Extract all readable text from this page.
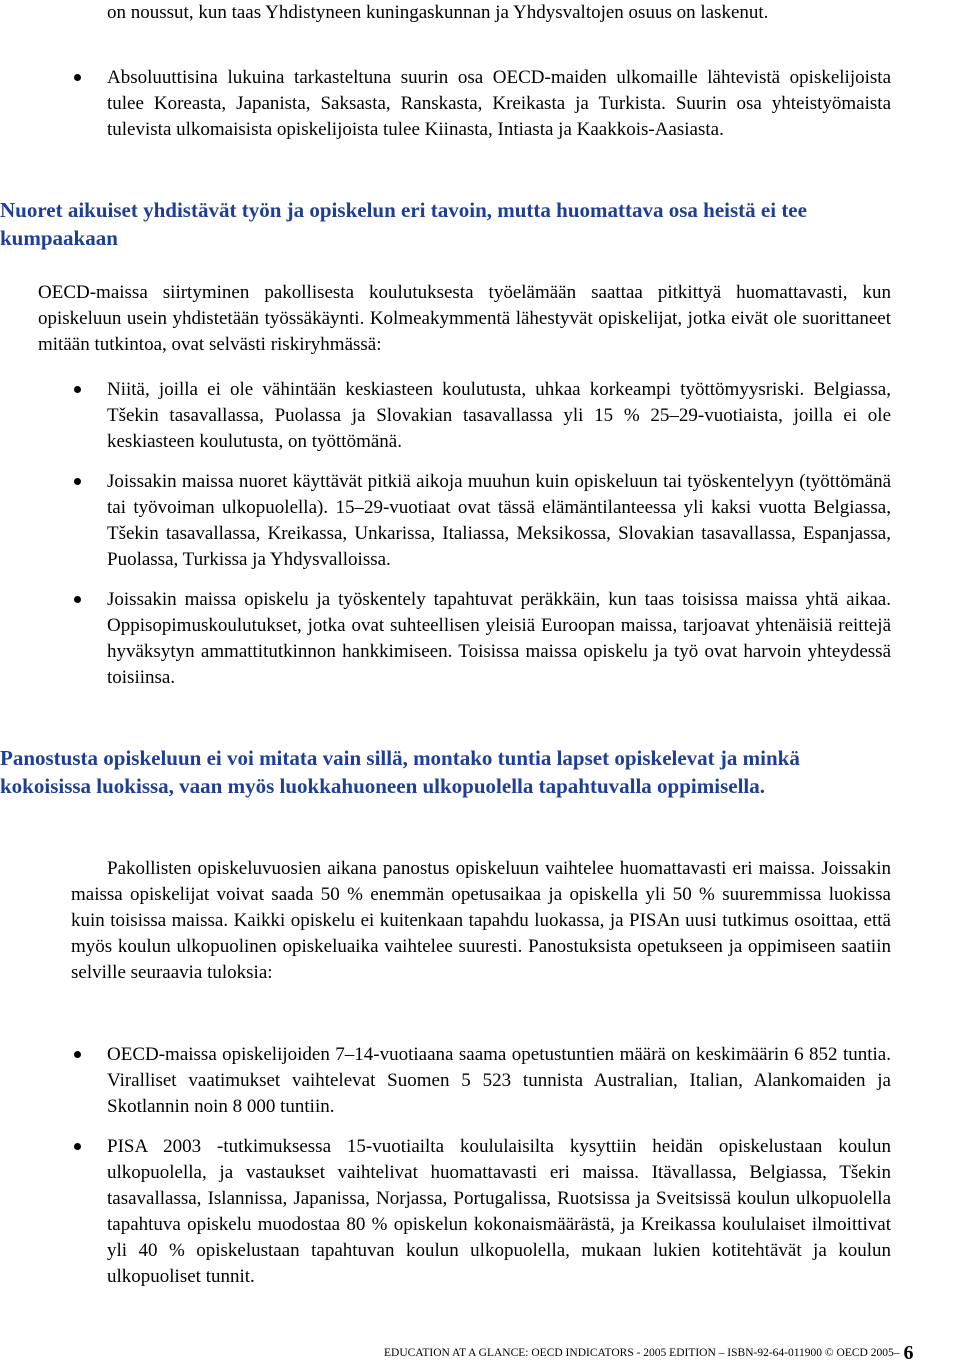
on noussut, kun taas Yhdistyneen kuningaskunnan ja Yhdysvaltojen osuus on laskenut.
Absoluuttisina lukuina tarkasteltuna suurin osa OECD-maiden ulkomaille lähtevistä opiskelijoista tulee Koreasta, Japanista, Saksasta, Ranskasta, Kreikasta ja Turkista. Suurin osa yhteistyömaista tulevista ulkomaisista opiskelijoista tulee Kiinasta, Intiasta ja Kaakkois-Aasiasta.
Nuoret aikuiset yhdistävät työn ja opiskelun eri tavoin, mutta huomattava osa heistä ei tee kumpaakaan
OECD-maissa siirtyminen pakollisesta koulutuksesta työelämään saattaa pitkittyä huomattavasti, kun opiskeluun usein yhdistetään työssäkäynti. Kolmeakymmentä lähestyvät opiskelijat, jotka eivät ole suorittaneet mitään tutkintoa, ovat selvästi riskiryhmässä:
Niitä, joilla ei ole vähintään keskiasteen koulutusta, uhkaa korkeampi työttömyysriski. Belgiassa, Tšekin tasavallassa, Puolassa ja Slovakian tasavallassa yli 15 % 25–29-vuotiaista, joilla ei ole keskiasteen koulutusta, on työttömänä.
Joissakin maissa nuoret käyttävät pitkiä aikoja muuhun kuin opiskeluun tai työskentelyyn (työttömänä tai työvoiman ulkopuolella). 15–29-vuotiaat ovat tässä elämäntilanteessa yli kaksi vuotta Belgiassa, Tšekin tasavallassa, Kreikassa, Unkarissa, Italiassa, Meksikossa, Slovakian tasavallassa, Espanjassa, Puolassa, Turkissa ja Yhdysvalloissa.
Joissakin maissa opiskelu ja työskentely tapahtuvat peräkkäin, kun taas toisissa maissa yhtä aikaa. Oppisopimuskoulutukset, jotka ovat suhteellisen yleisiä Euroopan maissa, tarjoavat yhtenäisiä reittejä hyväksytyn ammattitutkinnon hankkimiseen. Toisissa maissa opiskelu ja työ ovat harvoin yhteydessä toisiinsa.
Panostusta opiskeluun ei voi mitata vain sillä, montako tuntia lapset opiskelevat ja minkä kokoisissa luokissa, vaan myös luokkahuoneen ulkopuolella tapahtuvalla oppimisella.
Pakollisten opiskeluvuosien aikana panostus opiskeluun vaihtelee huomattavasti eri maissa. Joissakin maissa opiskelijat voivat saada 50 % enemmän opetusaikaa ja opiskella yli 50 % suuremmissa luokissa kuin toisissa maissa. Kaikki opiskelu ei kuitenkaan tapahdu luokassa, ja PISAn uusi tutkimus osoittaa, että myös koulun ulkopuolinen opiskeluaika vaihtelee suuresti. Panostuksista opetukseen ja oppimiseen saatiin selville seuraavia tuloksia:
OECD-maissa opiskelijoiden 7–14-vuotiaana saama opetustuntien määrä on keskimäärin 6 852 tuntia. Viralliset vaatimukset vaihtelevat Suomen 5 523 tunnista Australian, Italian, Alankomaiden ja Skotlannin noin 8 000 tuntiin.
PISA 2003 -tutkimuksessa 15-vuotiailta koululaisilta kysyttiin heidän opiskelustaan koulun ulkopuolella, ja vastaukset vaihtelivat huomattavasti eri maissa. Itävallassa, Belgiassa, Tšekin tasavallassa, Islannissa, Japanissa, Norjassa, Portugalissa, Ruotsissa ja Sveitsissä koulun ulkopuolella tapahtuva opiskelu muodostaa 80 % opiskelun kokonaismäärästä, ja Kreikassa koululaiset ilmoittivat yli 40 % opiskelustaan tapahtuvan koulun ulkopuolella, mukaan lukien kotitehtävät ja koulun ulkopuoliset tunnit.
EDUCATION AT A GLANCE: OECD INDICATORS - 2005 EDITION – ISBN-92-64-011900 © OECD 2005– 6
